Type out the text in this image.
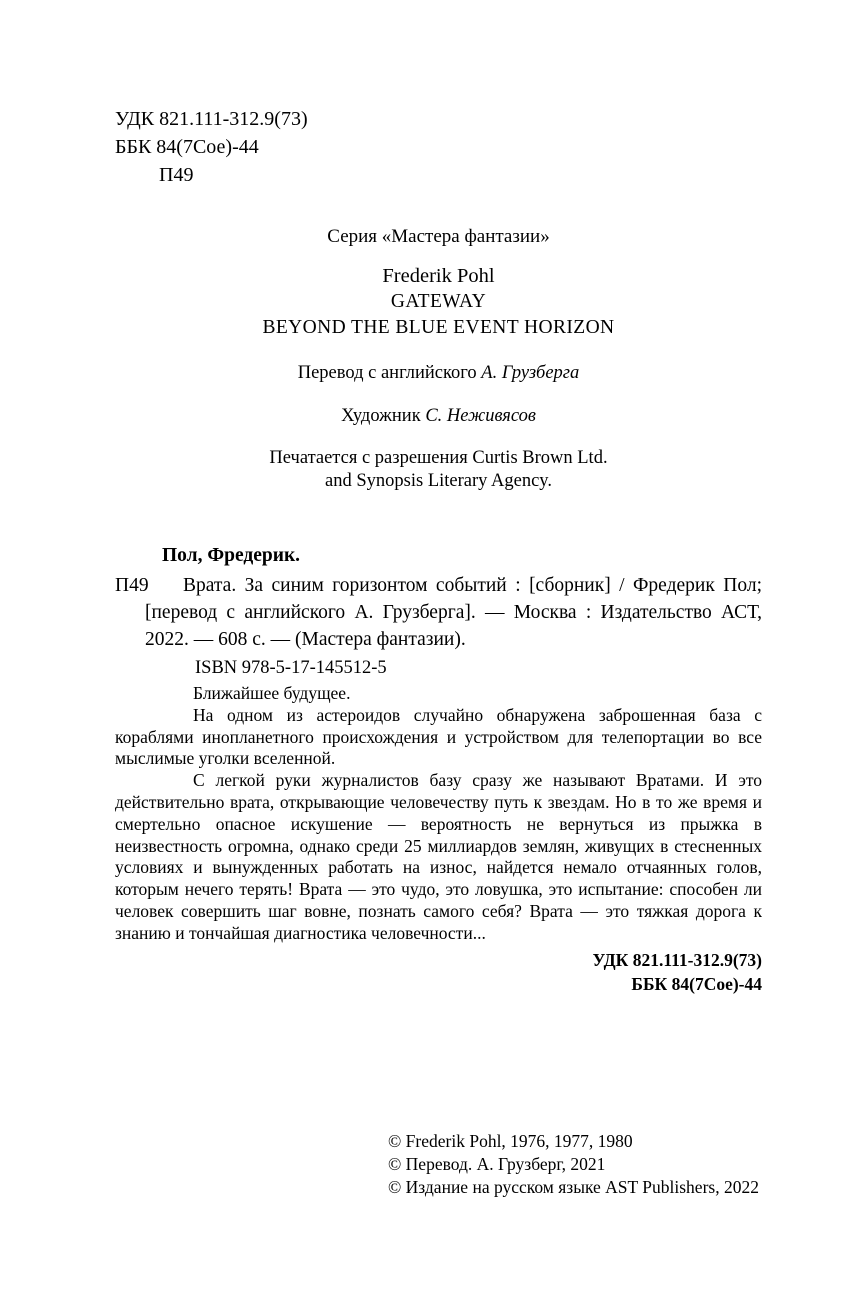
УДК 821.111-312.9(73)
ББК 84(7Сое)-44
П49
Серия «Мастера фантазии»
Frederik Pohl
GATEWAY
BEYOND THE BLUE EVENT HORIZON
Перевод с английского А. Грузберга
Художник С. Неживясов
Печатается с разрешения Curtis Brown Ltd.
and Synopsis Literary Agency.
Пол, Фредерик.
П49	Врата. За синим горизонтом событий : [сборник] / Фредерик Пол; [перевод с английского А. Грузберга]. — Москва : Издательство АСТ, 2022. — 608 с. — (Мастера фантазии).

ISBN 978-5-17-145512-5

Ближайшее будущее.

На одном из астероидов случайно обнаружена заброшенная база с кораблями инопланетного происхождения и устройством для телепортации во все мыслимые уголки вселенной.

С легкой руки журналистов базу сразу же называют Вратами. И это действительно врата, открывающие человечеству путь к звездам. Но в то же время и смертельно опасное искушение — вероятность не вернуться из прыжка в неизвестность огромна, однако среди 25 миллиардов землян, живущих в стесненных условиях и вынужденных работать на износ, найдется немало отчаянных голов, которым нечего терять! Врата — это чудо, это ловушка, это испытание: способен ли человек совершить шаг вовне, познать самого себя? Врата — это тяжкая дорога к знанию и тончайшая диагностика человечности...

УДК 821.111-312.9(73)
ББК 84(7Сое)-44
© Frederik Pohl, 1976, 1977, 1980
© Перевод. А. Грузберг, 2021
© Издание на русском языке AST Publishers, 2022
